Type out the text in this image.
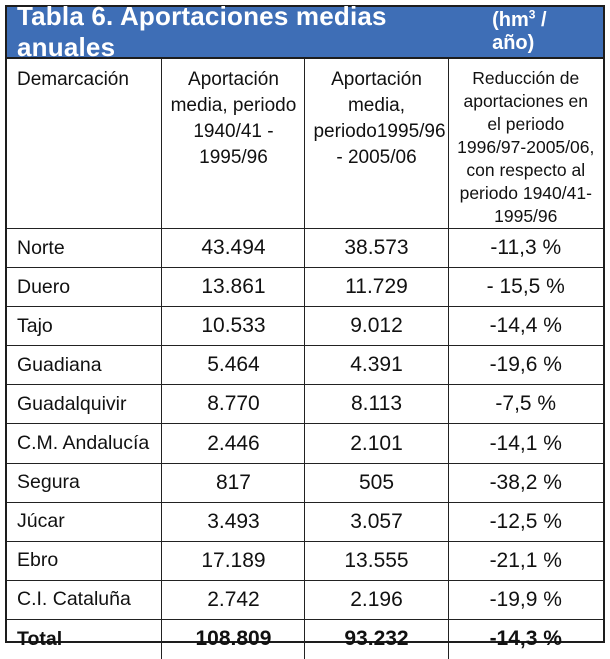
Tabla 6. Aportaciones medias anuales
($hm^3$ / año)
Demarcación	Aportación media, periodo 1940/41 - 1995/96	Aportación media, periodo1995/96 - 2005/06	Reducción de aportaciones en el periodo 1996/97-2005/06, con respecto al periodo 1940/41-1995/96
Norte	43.494	38.573	-11,3 %
Duero	13.861	11.729	- 15,5 %
Tajo	10.533	9.012	-14,4 %
Guadiana	5.464	4.391	-19,6 %
Guadalquivir	8.770	8.113	-7,5 %
C.M. Andalucía	2.446	2.101	-14,1 %
Segura	817	505	-38,2 %
Júcar	3.493	3.057	-12,5 %
Ebro	17.189	13.555	-21,1 %
C.I. Cataluña	2.742	2.196	-19,9 %
Total	108.809	93.232	-14,3 %
